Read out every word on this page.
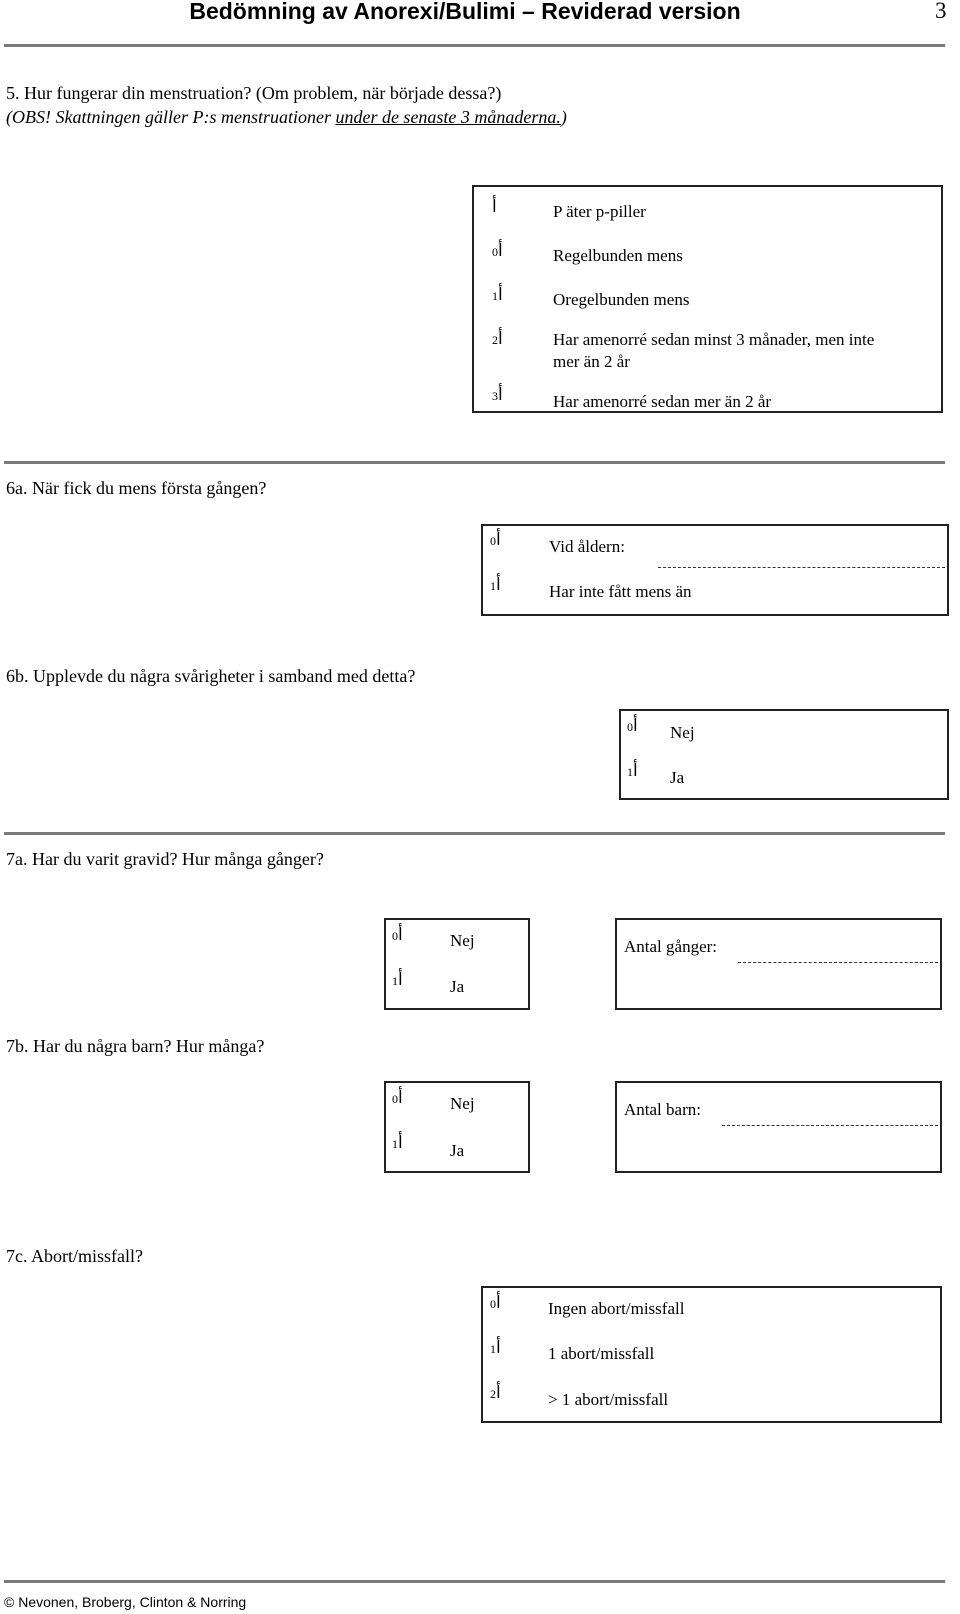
Bedömning av Anorexi/Bulimi – Reviderad version	3
5. Hur fungerar din menstruation? (Om problem, när började dessa?)
(OBS! Skattningen gäller P:s menstruationer under de senaste 3 månaderna.)
أ	P äter p-piller
أ0	Regelbunden mens
أ1	Oregelbunden mens
أ2	Har amenorré sedan minst 3 månader, men inte
mer än 2 år
أ3	Har amenorré sedan mer än 2 år
6a. När fick du mens första gången?
أ0	Vid åldern:
أ1	Har inte fått mens än
6b. Upplevde du några svårigheter i samband med detta?
أ0 Nej
أ1 Ja
7a. Har du varit gravid? Hur många gånger?
أ0	Nej
أ1	Ja
Antal gånger:
7b. Har du några barn? Hur många?
أ0	Nej
أ1	Ja
Antal barn:
7c. Abort/missfall?
أ0	Ingen abort/missfall
أ1	1 abort/missfall
أ2	> 1 abort/missfall
© Nevonen, Broberg, Clinton & Norring
